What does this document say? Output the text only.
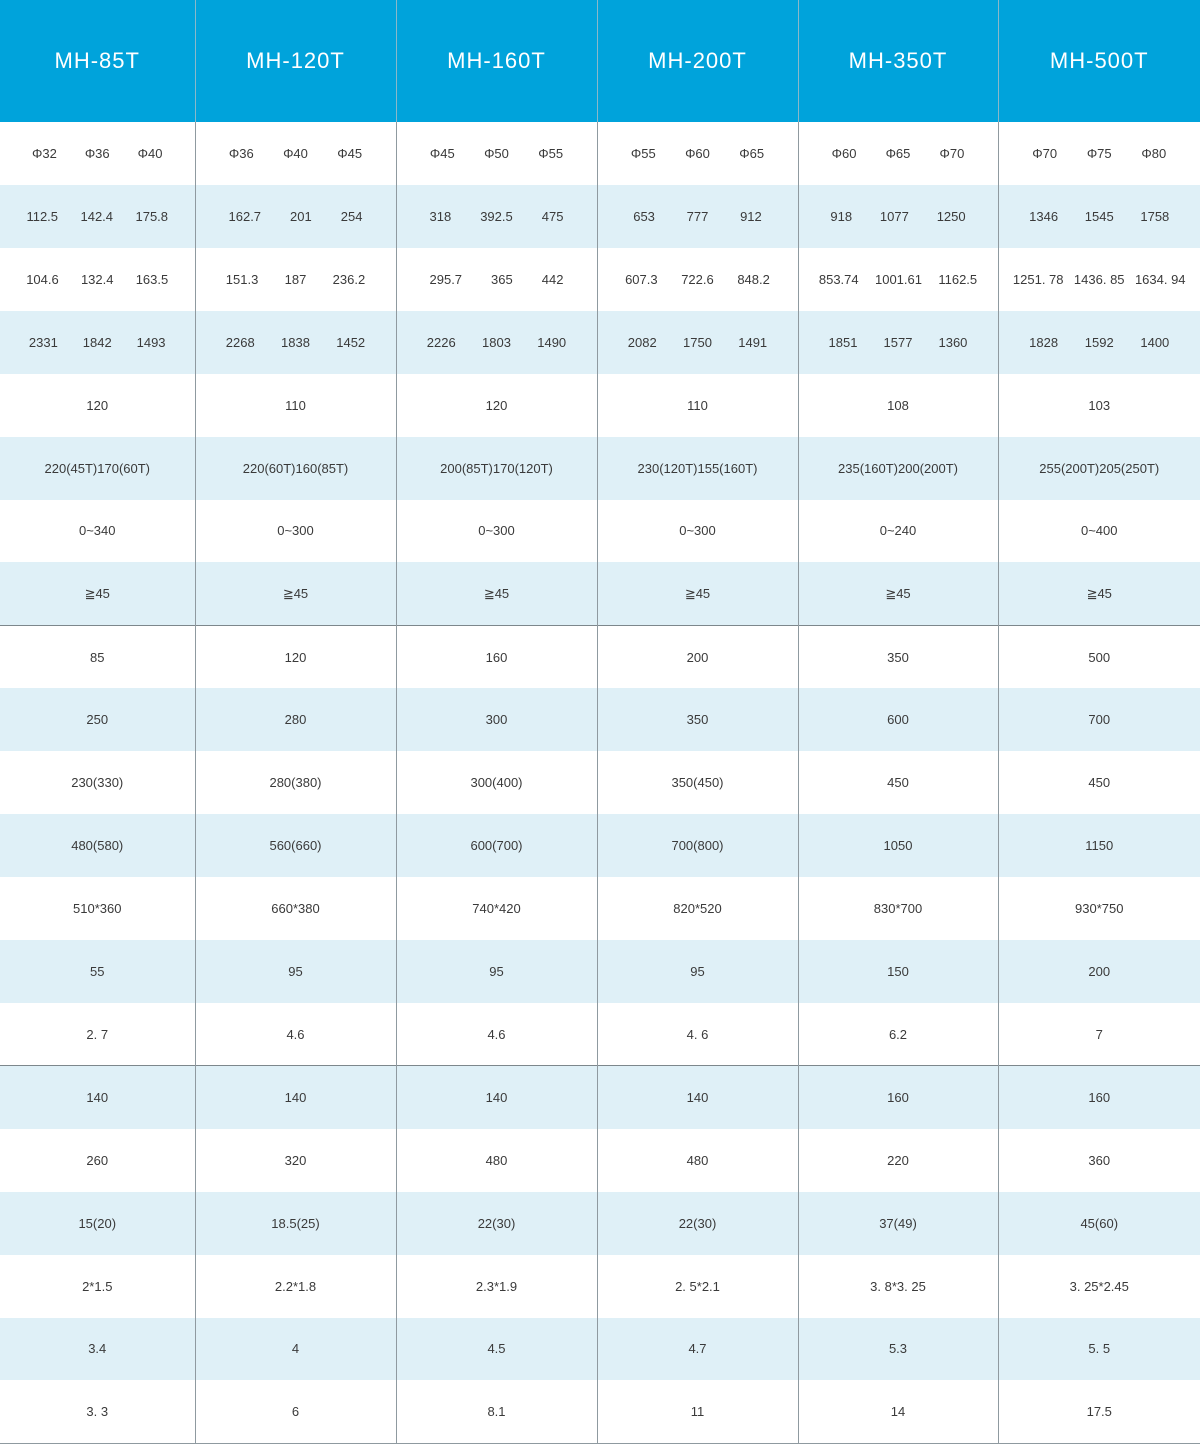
MH-85T	MH-120T	MH-160T	MH-200T	MH-350T	MH-500T

Φ32 Φ36 Φ40	Φ36 Φ40 Φ45	Φ45 Φ50 Φ55	Φ55 Φ60 Φ65	Φ60 Φ65 Φ70	Φ70 Φ75 Φ80

112.5 142.4 175.8	162.7 201 254	318 392.5 475	653 777 912	918 1077 1250	1346 1545 1758

104.6 132.4 163.5	151.3 187 236.2	295.7 365 442	607.3 722.6 848.2	853.74 1001.61 1162.5	1251. 78 1436. 85 1634. 94

2331 1842 1493	2268 1838 1452	2226 1803 1490	2082 1750 1491	1851 1577 1360	1828 1592 1400

120	110	120	110	108	103
220(45T)170(60T)	220(60T)160(85T)	200(85T)170(120T)	230(120T)155(160T)	235(160T)200(200T)	255(200T)205(250T)
0~340	0~300	0~300	0~300	0~240	0~400
≧45	≧45	≧45	≧45	≧45	≧45
85	120	160	200	350	500
250	280	300	350	600	700
230(330)	280(380)	300(400)	350(450)	450	450
480(580)	560(660)	600(700)	700(800)	1050	1150
510*360	660*380	740*420	820*520	830*700	930*750
55	95	95	95	150	200
2. 7	4.6	4.6	4. 6	6.2	7
140	140	140	140	160	160
260	320	480	480	220	360
15(20)	18.5(25)	22(30)	22(30)	37(49)	45(60)
2*1.5	2.2*1.8	2.3*1.9	2. 5*2.1	3. 8*3. 25	3. 25*2.45
3.4	4	4.5	4.7	5.3	5. 5
3. 3	6	8.1	11	14	17.5
